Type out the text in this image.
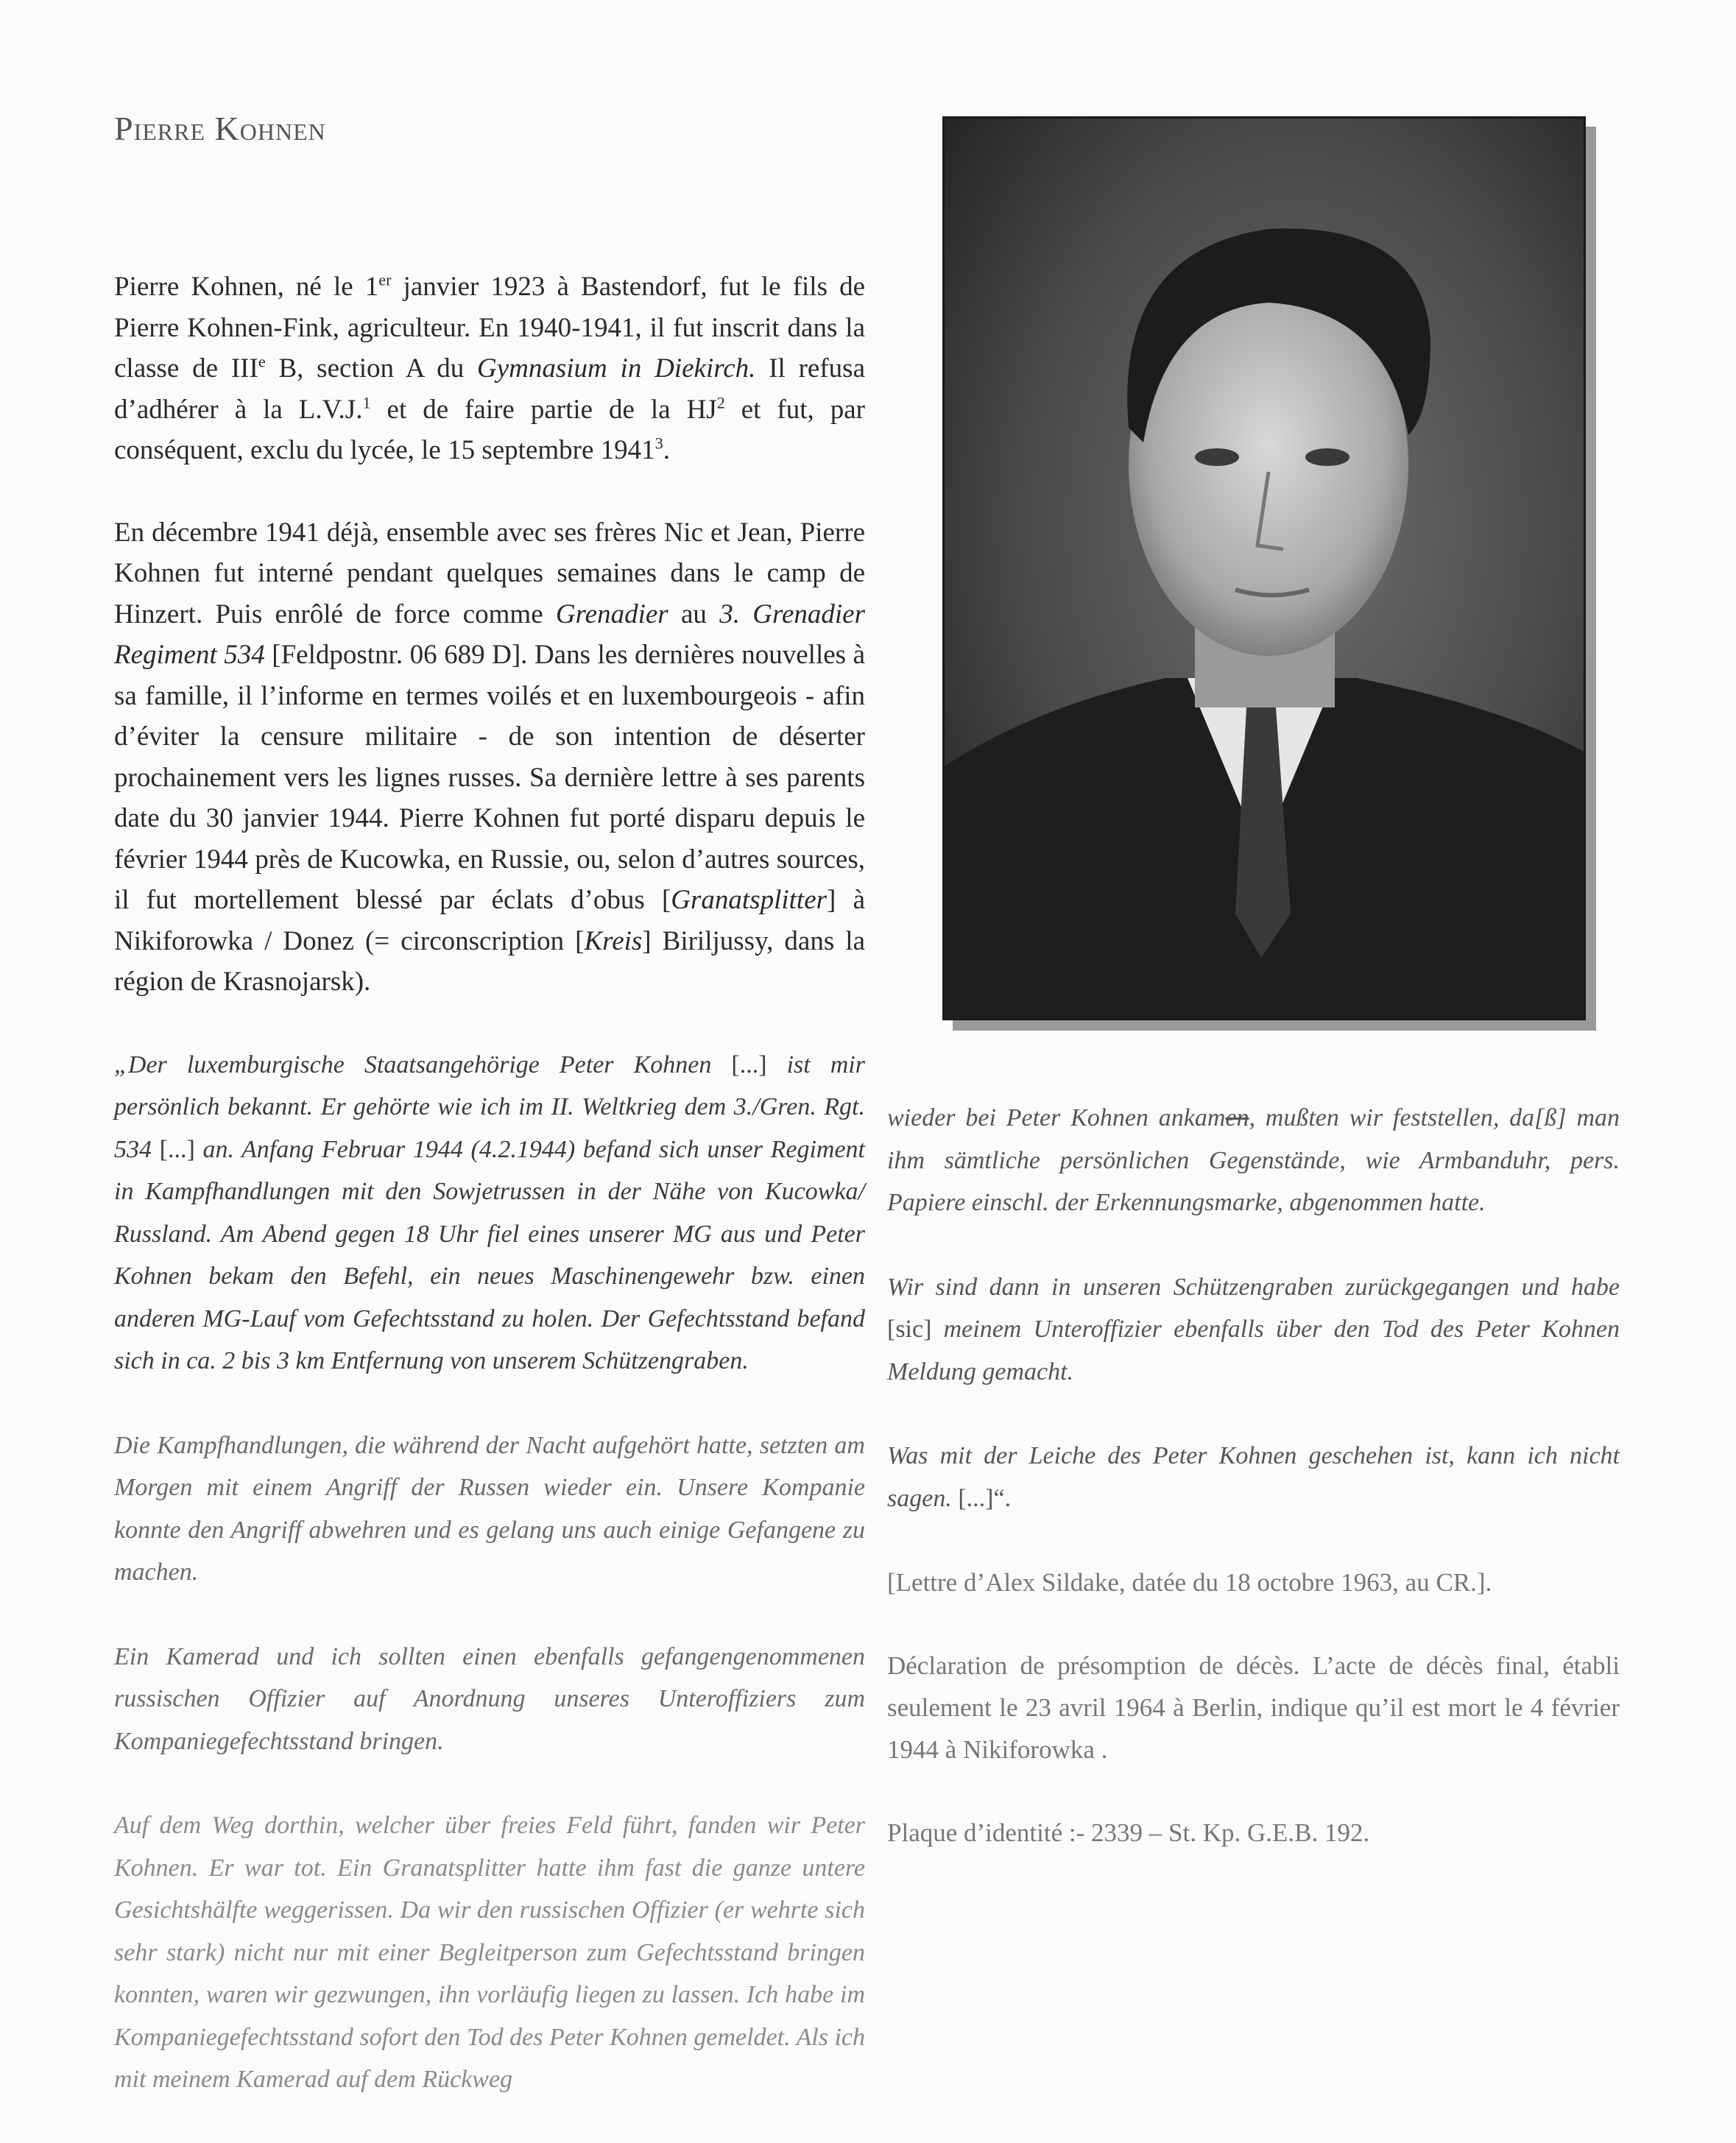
Pierre Kohnen

Pierre Kohnen, né le 1er janvier 1923 à Bastendorf, fut le fils de Pierre Kohnen-Fink, agriculteur. En 1940-1941, il fut inscrit dans la classe de IIIe B, section A du Gymnasium in Diekirch. Il refusa d’adhérer à la L.V.J.$^1$ et de faire partie de la $HJ^2$ et fut, par conséquent, exclu du lycée, le 15 septembre 1941$^3$.

En décembre 1941 déjà, ensemble avec ses frères Nic et Jean, Pierre Kohnen fut interné pendant quelques semaines dans le camp de Hinzert. Puis enrôlé de force comme Grenadier au 3. Grenadier Regiment 534 [Feldpostnr. 06 689 D]. Dans les dernières nouvelles à sa famille, il l’informe en termes voilés et en luxembourgeois - afin d’éviter la censure militaire - de son intention de déserter prochainement vers les lignes russes. Sa dernière lettre à ses parents date du 30 janvier 1944. Pierre Kohnen fut porté disparu depuis le février 1944 près de Kucowka, en Russie, ou, selon d’autres sources, il fut mortellement blessé par éclats d’obus [Granatsplitter] à Nikiforowka / Donez (= circonscription [Kreis] Biriljussy, dans la région de Krasnojarsk).

„Der luxemburgische Staatsangehörige Peter Kohnen [...] ist mir persönlich bekannt. Er gehörte wie ich im II. Weltkrieg dem 3./Gren. Rgt. 534 [...] an. Anfang Februar 1944 (4.2.1944) befand sich unser Regiment in Kampfhandlungen mit den Sowjetrussen in der Nähe von Kucowka/ Russland. Am Abend gegen 18 Uhr fiel eines unserer MG aus und Peter Kohnen bekam den Befehl, ein neues Maschinengewehr bzw. einen anderen MG-Lauf vom Gefechtsstand zu holen. Der Gefechtsstand befand sich in ca. 2 bis 3 km Entfernung von unserem Schützengraben.

Die Kampfhandlungen, die während der Nacht aufgehört hatte, setzten am Morgen mit einem Angriff der Russen wieder ein. Unsere Kompanie konnte den Angriff abwehren und es gelang uns auch einige Gefangene zu machen.

Ein Kamerad und ich sollten einen ebenfalls gefangengenommenen russischen Offizier auf Anordnung unseres Unteroffiziers zum Kompaniegefechtsstand bringen.

Auf dem Weg dorthin, welcher über freies Feld führt, fanden wir Peter Kohnen. Er war tot. Ein Granatsplitter hatte ihm fast die ganze untere Gesichtshälfte weggerissen. Da wir den russischen Offizier (er wehrte sich sehr stark) nicht nur mit einer Begleitperson zum Gefechtsstand bringen konnten, waren wir gezwungen, ihn vorläufig liegen zu lassen. Ich habe im Kompaniegefechtsstand sofort den Tod des Peter Kohnen gemeldet. Als ich mit meinem Kamerad auf dem Rückweg

wieder bei Peter Kohnen ankamen, mußten wir feststellen, da[ß] man ihm sämtliche persönlichen Gegenstände, wie Armbanduhr, pers. Papiere einschl. der Erkennungsmarke, abgenommen hatte.

Wir sind dann in unseren Schützengraben zurückgegangen und habe [sic] meinem Unteroffizier ebenfalls über den Tod des Peter Kohnen Meldung gemacht.

Was mit der Leiche des Peter Kohnen geschehen ist, kann ich nicht sagen. [...]“.

[Lettre d’Alex Sildake, datée du 18 octobre 1963, au CR.].

Déclaration de présomption de décès. L’acte de décès final, établi seulement le 23 avril 1964 à Berlin, indique qu’il est mort le 4 février 1944 à Nikiforowka .

Plaque d’identité :- 2339 – St. Kp. G.E.B. 192.
